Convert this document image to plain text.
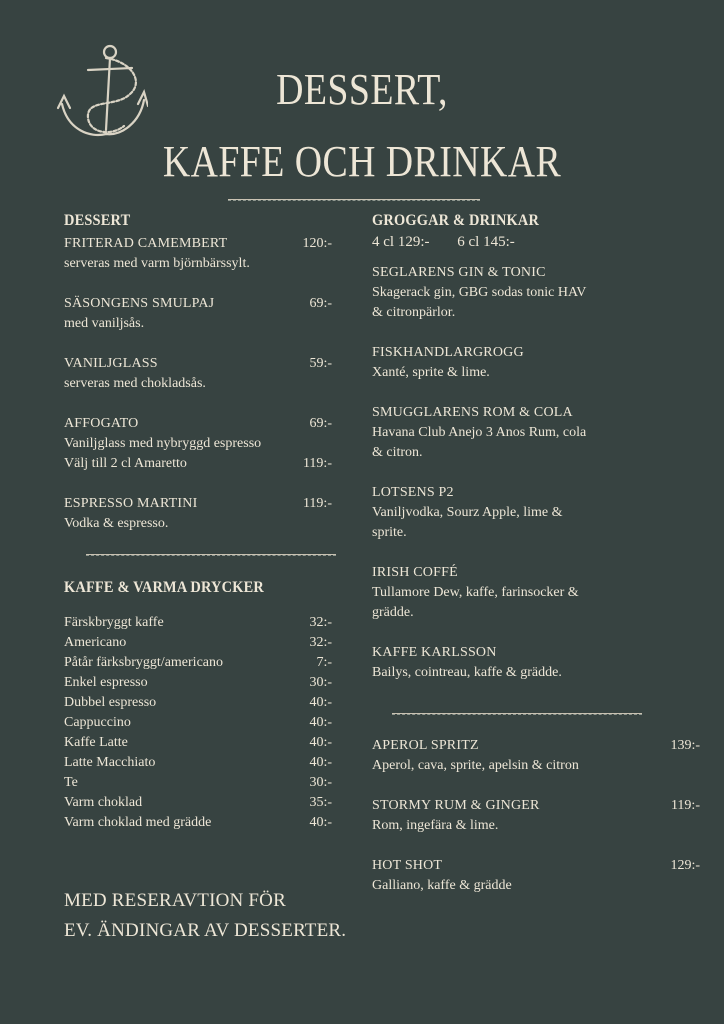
DESSERT,
KAFFE OCH DRINKAR
DESSERT
FRITERAD CAMEMBERT	120:-
serveras med varm björnbärssylt.
SÄSONGENS SMULPAJ	69:-
med vaniljsås.
VANILJGLASS	59:-
serveras med chokladsås.
AFFOGATO	69:-
Vaniljglass med nybryggd espresso
Välj till 2 cl Amaretto	119:-
ESPRESSO MARTINI	119:-
Vodka & espresso.
KAFFE & VARMA DRYCKER
Färskbryggt kaffe	32:-
Americano	32:-
Påtår färksbryggt/americano	7:-
Enkel espresso	30:-
Dubbel espresso	40:-
Cappuccino	40:-
Kaffe Latte	40:-
Latte Macchiato	40:-
Te	30:-
Varm choklad	35:-
Varm choklad med grädde	40:-
MED RESERAVTION FÖR
EV. ÄNDINGAR AV DESSERTER.
GROGGAR & DRINKAR
4 cl 129:- 6 cl 145:-
SEGLARENS GIN & TONIC
Skagerack gin, GBG sodas tonic HAV
& citronpärlor.
FISKHANDLARGROGG
Xanté, sprite & lime.
SMUGGLARENS ROM & COLA
Havana Club Anejo 3 Anos Rum, cola
& citron.
LOTSENS P2
Vaniljvodka, Sourz Apple, lime &
sprite.
IRISH COFFÉ
Tullamore Dew, kaffe, farinsocker &
grädde.
KAFFE KARLSSON
Bailys, cointreau, kaffe & grädde.
APEROL SPRITZ	139:-
Aperol, cava, sprite, apelsin & citron
STORMY RUM & GINGER	119:-
Rom, ingefära & lime.
HOT SHOT	129:-
Galliano, kaffe & grädde
